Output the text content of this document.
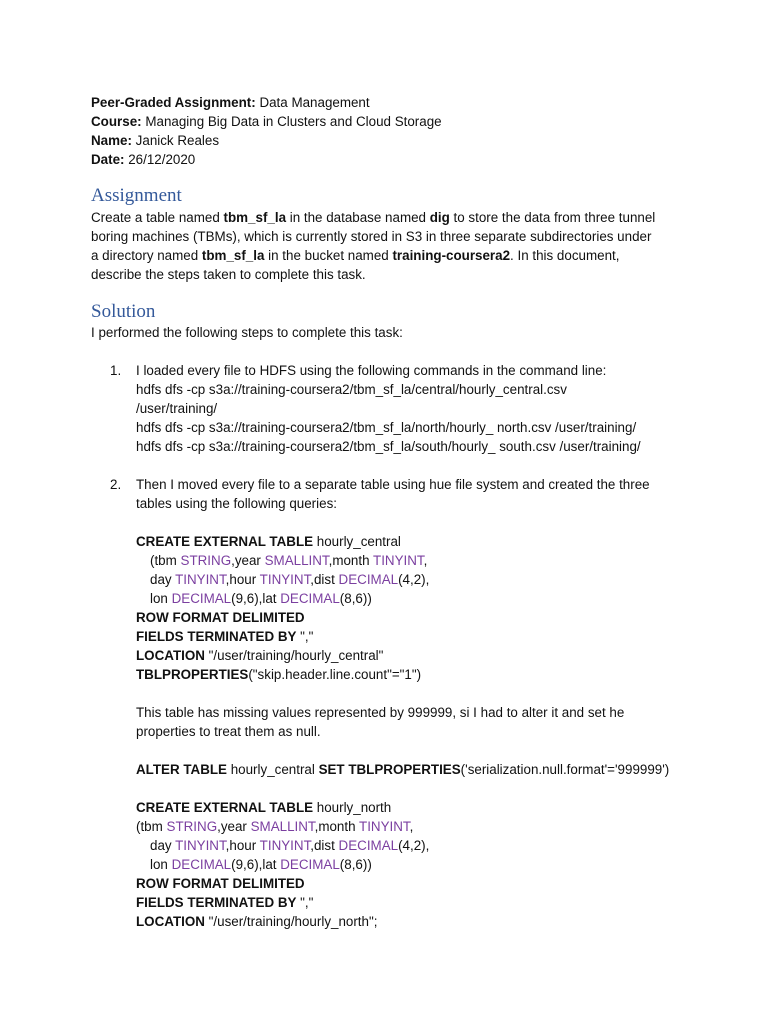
Peer-Graded Assignment: Data Management
Course: Managing Big Data in Clusters and Cloud Storage
Name: Janick Reales
Date: 26/12/2020
Assignment
Create a table named tbm_sf_la in the database named dig to store the data from three tunnel
boring machines (TBMs), which is currently stored in S3 in three separate subdirectories under
a directory named tbm_sf_la in the bucket named training-coursera2. In this document,
describe the steps taken to complete this task.
Solution
I performed the following steps to complete this task:
1. I loaded every file to HDFS using the following commands in the command line:
hdfs dfs -cp s3a://training-coursera2/tbm_sf_la/central/hourly_central.csv
/user/training/
hdfs dfs -cp s3a://training-coursera2/tbm_sf_la/north/hourly_ north.csv /user/training/
hdfs dfs -cp s3a://training-coursera2/tbm_sf_la/south/hourly_ south.csv /user/training/
2. Then I moved every file to a separate table using hue file system and created the three
tables using the following queries:
CREATE EXTERNAL TABLE hourly_central
(tbm STRING,year SMALLINT,month TINYINT,
day TINYINT,hour TINYINT,dist DECIMAL(4,2),
lon DECIMAL(9,6),lat DECIMAL(8,6))
ROW FORMAT DELIMITED
FIELDS TERMINATED BY ","
LOCATION "/user/training/hourly_central"
TBLPROPERTIES("skip.header.line.count"="1")
This table has missing values represented by 999999, si I had to alter it and set he
properties to treat them as null.
ALTER TABLE hourly_central SET TBLPROPERTIES('serialization.null.format'='999999')
CREATE EXTERNAL TABLE hourly_north
(tbm STRING,year SMALLINT,month TINYINT,
day TINYINT,hour TINYINT,dist DECIMAL(4,2),
lon DECIMAL(9,6),lat DECIMAL(8,6))
ROW FORMAT DELIMITED
FIELDS TERMINATED BY ","
LOCATION "/user/training/hourly_north";
